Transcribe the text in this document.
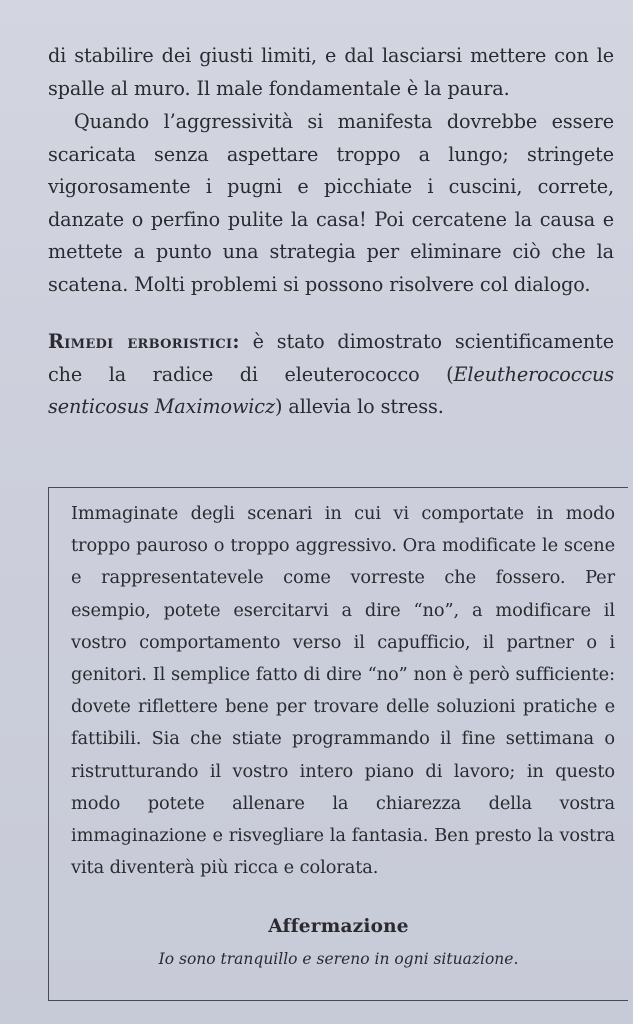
di stabilire dei giusti limiti, e dal lasciarsi mettere con le spalle al muro. Il male fondamentale è la paura.

Quando l’aggressività si manifesta dovrebbe essere scaricata senza aspettare troppo a lungo; stringete vigorosamente i pugni e picchiate i cuscini, correte, danzate o perfino pulite la casa! Poi cercatene la causa e mettete a punto una strategia per eliminare ciò che la scatena. Molti problemi si possono risolvere col dialogo.

Rimedi erboristici: è stato dimostrato scientificamente che la radice di eleuterococco (Eleutherococcus senticosus Maximowicz) allevia lo stress.

Immaginate degli scenari in cui vi comportate in modo troppo pauroso o troppo aggressivo. Ora modificate le scene e rappresentatevele come vorreste che fossero. Per esempio, potete esercitarvi a dire “no”, a modificare il vostro comportamento verso il capufficio, il partner o i genitori. Il semplice fatto di dire “no” non è però sufficiente: dovete riflettere bene per trovare delle soluzioni pratiche e fattibili. Sia che stiate programmando il fine settimana o ristrutturando il vostro intero piano di lavoro; in questo modo potete allenare la chiarezza della vostra immaginazione e risvegliare la fantasia. Ben presto la vostra vita diventerà più ricca e colorata.

Affermazione
Io sono tranquillo e sereno in ogni situazione.
